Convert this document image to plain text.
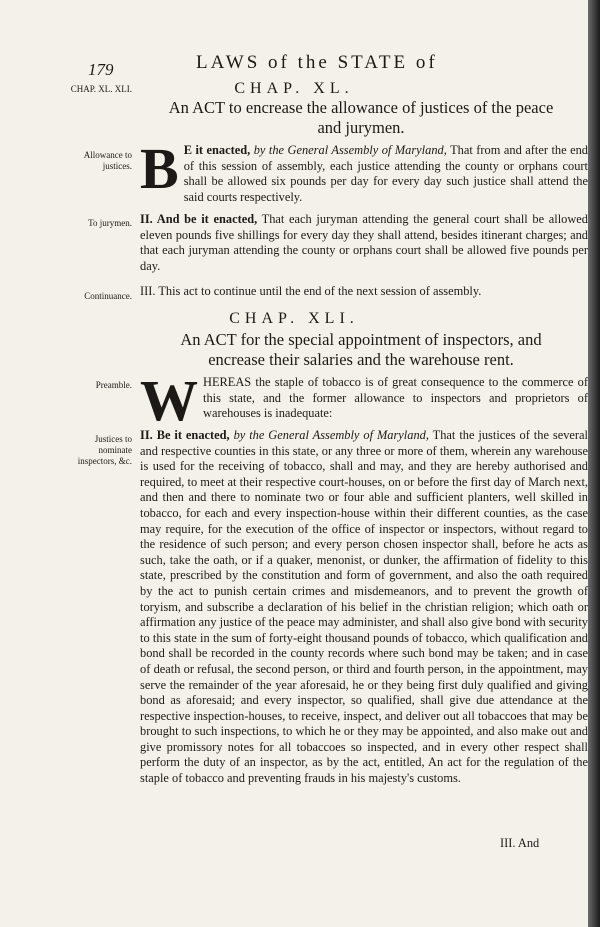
179	LAWS of the STATE of
CHAP. XL. XLI.	CHAP. XL.
An ACT to encrease the allowance of justices of the peace
and jurymen.
Allowance to justices. B E it enacted, by the General Assembly of Maryland, That from and after the end of this session of assembly, each justice attending the county or orphans court shall be allowed six pounds per day for every day such justice shall attend the said courts respectively.
To jurymen. II. And be it enacted, That each juryman attending the general court shall be allowed eleven pounds five shillings for every day they shall attend, besides itinerant charges; and that each juryman attending the county or orphans court shall be allowed five pounds per day.
Continuance. III. This act to continue until the end of the next session of assembly.
CHAP. XLI.
An ACT for the special appointment of inspectors, and
encrease their salaries and the warehouse rent.
Preamble. W HEREAS the staple of tobacco is of great consequence to the commerce of this state, and the former allowance to inspectors and proprietors of warehouses is inadequate:
Justices to nominate inspectors, &c.
II. Be it enacted, by the General Assembly of Maryland, That the justices of the several and respective counties in this state, or any three or more of them, wherein any warehouse is used for the receiving of tobacco, shall and may, and they are hereby authorised and required, to meet at their respective court-houses, on or before the first day of March next, and then and there to nominate two or four able and sufficient planters, well skilled in tobacco, for each and every inspection-house within their different counties, as the case may require, for the execution of the office of inspector or inspectors, without regard to the residence of such person; and every person chosen inspector shall, before he acts as such, take the oath, or if a quaker, menonist, or dunker, the affirmation of fidelity to this state, prescribed by the constitution and form of government, and also the oath required by the act to punish certain crimes and misdemeanors, and to prevent the growth of toryism, and subscribe a declaration of his belief in the christian religion; which oath or affirmation any justice of the peace may administer, and shall also give bond with security to this state in the sum of forty-eight thousand pounds of tobacco, which qualification and bond shall be recorded in the county records where such bond may be taken; and in case of death or refusal, the second person, or third and fourth person, in the appointment, may serve the remainder of the year aforesaid, he or they being first duly qualified and giving bond as aforesaid; and every inspector, so qualified, shall give due attendance at the respective inspection-houses, to receive, inspect, and deliver out all tobaccoes that may be brought to such inspections, to which he or they may be appointed, and also make out and give promissory notes for all tobaccoes so inspected, and in every other respect shall perform the duty of an inspector, as by the act, entitled, An act for the regulation of the staple of tobacco and preventing frauds in his majesty's customs.
III. And
